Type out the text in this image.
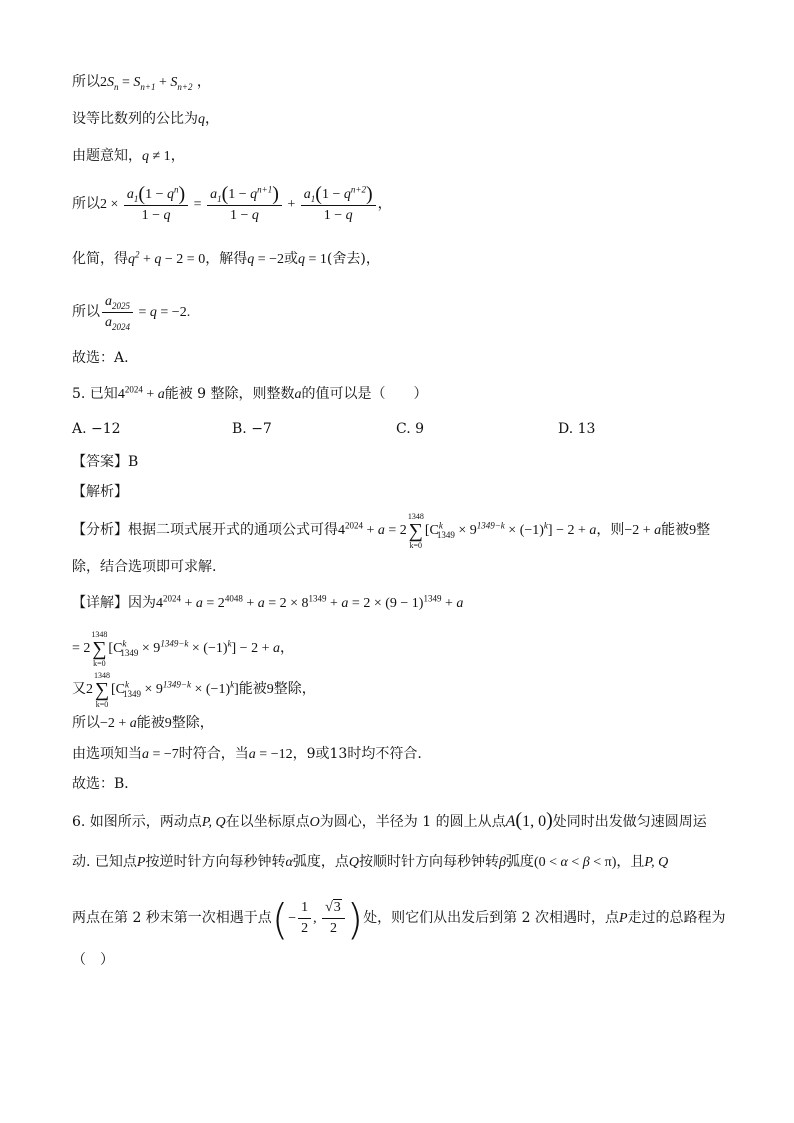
所以$2S_n = S_{n+1} + S_{n+2}$ ，
设等比数列的公比为q，
由题意知，q ≠ 1，
所以$2 \times \frac{a_1(1 - q^n)}{1 - q} = \frac{a_1(1 - q^{n+1})}{1 - q} + \frac{a_1(1 - q^{n+2})}{1 - q}$ ，
化简，得$q^2 + q - 2 = 0$，解得q = −2或q = 1(舍去)，
所以 $\frac{a_{2025}}{a_{2024}} = q = -2$.
故选：A.
5. 已知$4^{2024} + a$能被 9 整除，则整数a的值可以是（　　）
A. −12	B. −7	C. 9	D. 13
【答案】B
【解析】
【分析】根据二项式展开式的通项公式可得$4^{2024} + a = 2$
1348
∑
k=0
$[C^k_{1349} \times 9^{1349-k} \times (-1)^k] - 2 + a$，则−2 + a能被9整
除，结合选项即可求解.
【详解】因为$4^{2024} + a = 2^{4048} + a = 2 \times 8^{1349} + a = 2 \times (9 - 1)^{1349} + a$
= 2
1348
∑
k=0
$[C^k_{1349} \times 9^{1349-k} \times (-1)^k] - 2 + a$，
又2
1348
∑
k=0
$[C^k_{1349} \times 9^{1349-k} \times (-1)^k]$能被9整除，
所以−2 + a能被9整除，
由选项知当a = −7时符合，当a = −12，9或13时均不符合.
故选：B．
6. 如图所示，两动点P, Q在以坐标原点O为圆心，半径为 1 的圆上从点A(1, 0)处同时出发做匀速圆周运
动. 已知点P按逆时针方向每秒钟转α弧度，点Q按顺时针方向每秒钟转β弧度(0 < α < β < π)，且P, Q
两点在第 2 秒末第一次相遇于点(− $\frac{1}{2}$ , $\frac{√3}{2}$ )处，则它们从出发后到第 2 次相遇时，点P走过的总路程为
（　）
